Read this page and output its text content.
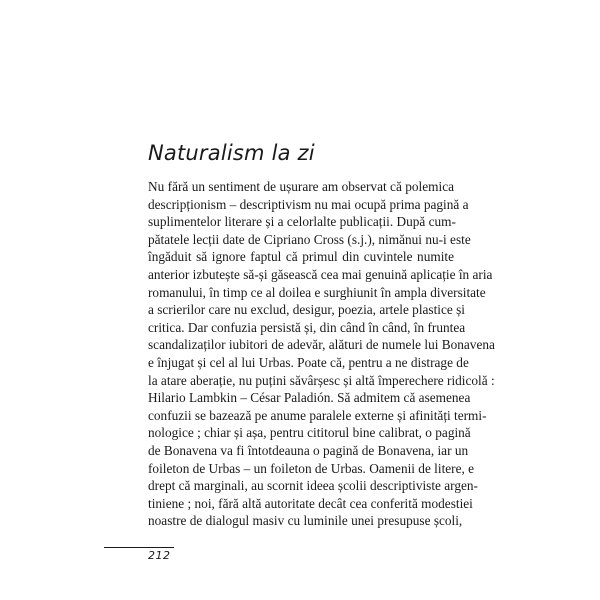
Naturalism la zi
Nu fără un sentiment de ușurare am observat că polemica
descripționism – descriptivism nu mai ocupă prima pagină a
suplimentelor literare și a celorlalte publicații. După cum-
pătatele lecții date de Cipriano Cross (s.j.), nimănui nu-i este
îngăduit să ignore faptul că primul din cuvintele numite
anterior izbutește să-și găsească cea mai genuină aplicație în aria
romanului, în timp ce al doilea e surghiunit în ampla diversitate
a scrierilor care nu exclud, desigur, poezia, artele plastice și
critica. Dar confuzia persistă și, din când în când, în fruntea
scandalizaților iubitori de adevăr, alături de numele lui Bonavena
e înjugat și cel al lui Urbas. Poate că, pentru a ne distrage de
la atare aberație, nu puțini săvârșesc și altă împerechere ridicolă :
Hilario Lambkin – César Paladión. Să admitem că asemenea
confuzii se bazează pe anume paralele externe și afinități termi-
nologice ; chiar și așa, pentru cititorul bine calibrat, o pagină
de Bonavena va fi întotdeauna o pagină de Bonavena, iar un
foileton de Urbas – un foileton de Urbas. Oamenii de litere, e
drept că marginali, au scornit ideea școlii descriptiviste argen-
tiniene ; noi, fără altă autoritate decât cea conferită modestiei
noastre de dialogul masiv cu luminile unei presupuse școli,
212
